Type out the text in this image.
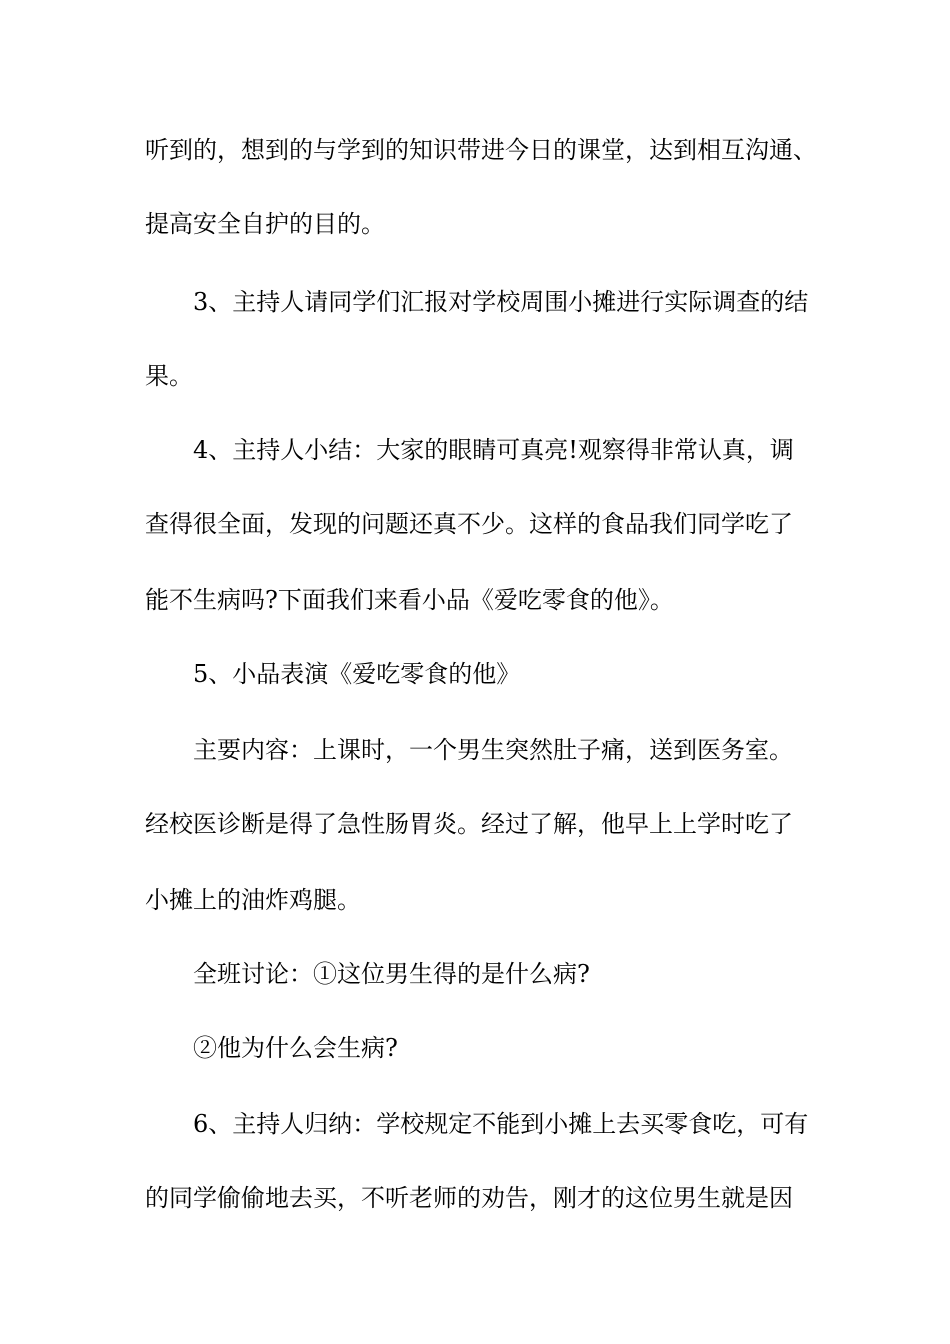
听到的，想到的与学到的知识带进今日的课堂，达到相互沟通、
提高安全自护的目的。
3、主持人请同学们汇报对学校周围小摊进行实际调查的结
果。
4、主持人小结：大家的眼睛可真亮!观察得非常认真，调
查得很全面，发现的问题还真不少。这样的食品我们同学吃了
能不生病吗?下面我们来看小品《爱吃零食的他》。
5、小品表演《爱吃零食的他》
主要内容：上课时，一个男生突然肚子痛，送到医务室。
经校医诊断是得了急性肠胃炎。经过了解，他早上上学时吃了
小摊上的油炸鸡腿。
全班讨论：①这位男生得的是什么病?
②他为什么会生病?
6、主持人归纳：学校规定不能到小摊上去买零食吃，可有
的同学偷偷地去买，不听老师的劝告，刚才的这位男生就是因
